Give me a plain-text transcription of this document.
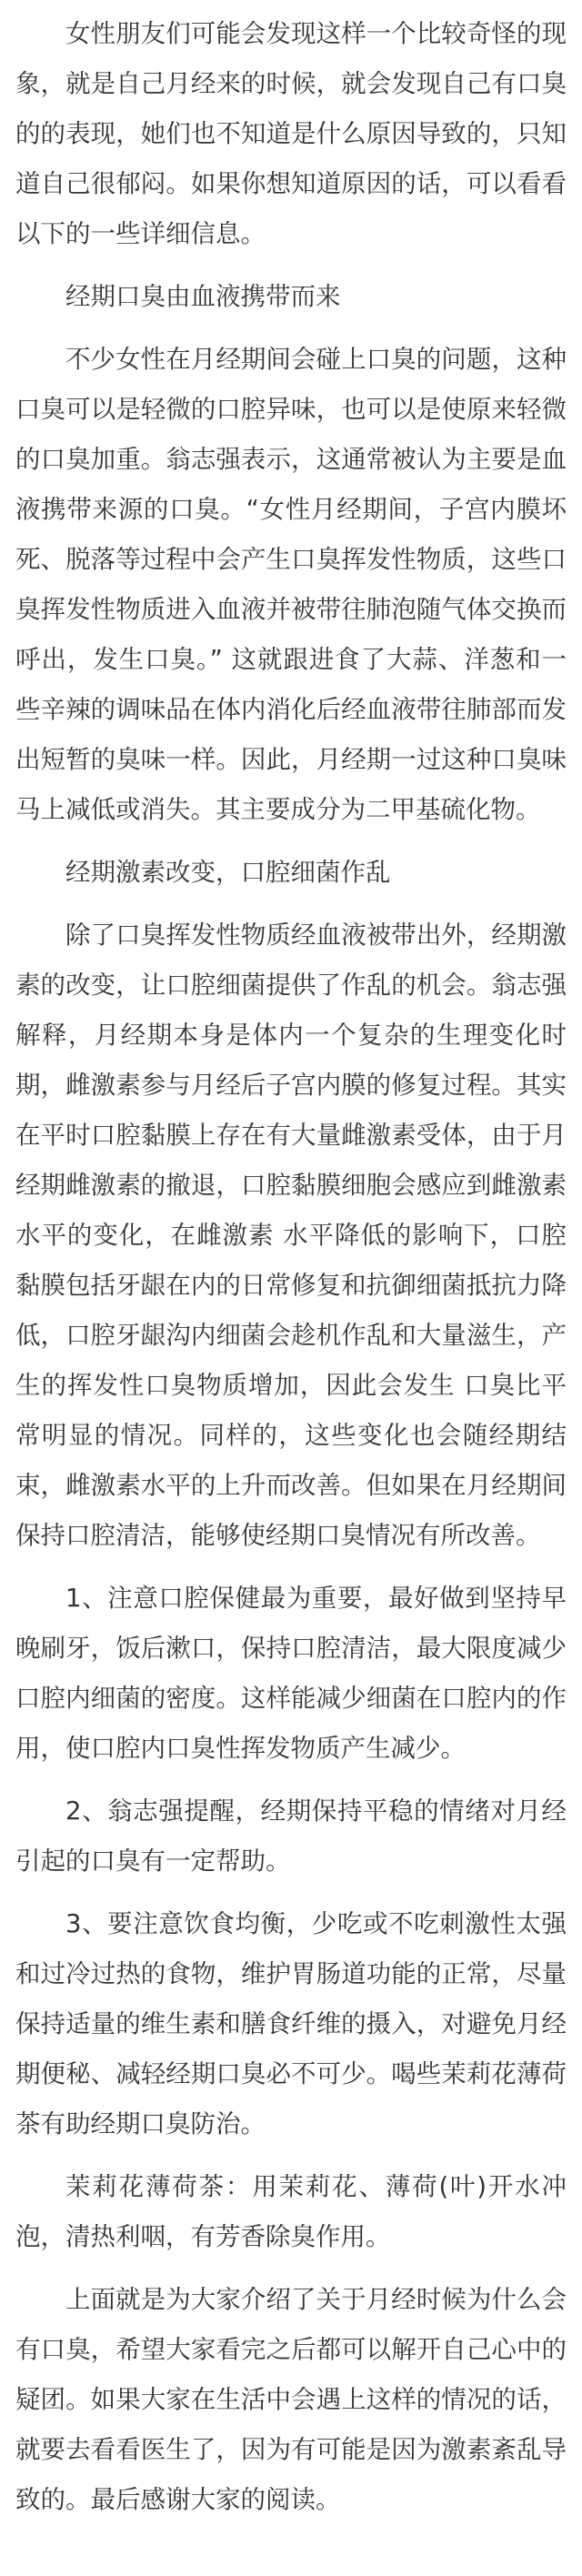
女性朋友们可能会发现这样一个比较奇怪的现象，就是自己月经来的时候，就会发现自己有口臭的的表现，她们也不知道是什么原因导致的，只知道自己很郁闷。如果你想知道原因的话，可以看看以下的一些详细信息。

经期口臭由血液携带而来

不少女性在月经期间会碰上口臭的问题，这种口臭可以是轻微的口腔异味，也可以是使原来轻微的口臭加重。翁志强表示，这通常被认为主要是血液携带来源的口臭。“女性月经期间，子宫内膜坏死、脱落等过程中会产生口臭挥发性物质，这些口臭挥发性物质进入血液并被带往肺泡随气体交换而呼出，发生口臭。” 这就跟进食了大蒜、洋葱和一些辛辣的调味品在体内消化后经血液带往肺部而发出短暂的臭味一样。因此，月经期一过这种口臭味马上减低或消失。其主要成分为二甲基硫化物。

经期激素改变，口腔细菌作乱

除了口臭挥发性物质经血液被带出外，经期激素的改变，让口腔细菌提供了作乱的机会。翁志强解释，月经期本身是体内一个复杂的生理变化时期，雌激素参与月经后子宫内膜的修复过程。其实在平时口腔黏膜上存在有大量雌激素受体，由于月经期雌激素的撤退，口腔黏膜细胞会感应到雌激素水平的变化，在雌激素 水平降低的影响下，口腔黏膜包括牙龈在内的日常修复和抗御细菌抵抗力降低，口腔牙龈沟内细菌会趁机作乱和大量滋生，产生的挥发性口臭物质增加，因此会发生 口臭比平常明显的情况。同样的，这些变化也会随经期结束，雌激素水平的上升而改善。但如果在月经期间保持口腔清洁，能够使经期口臭情况有所改善。

1、注意口腔保健最为重要，最好做到坚持早晚刷牙，饭后漱口，保持口腔清洁，最大限度减少口腔内细菌的密度。这样能减少细菌在口腔内的作用，使口腔内口臭性挥发物质产生减少。

2、翁志强提醒，经期保持平稳的情绪对月经引起的口臭有一定帮助。

3、要注意饮食均衡，少吃或不吃刺激性太强和过冷过热的食物，维护胃肠道功能的正常，尽量保持适量的维生素和膳食纤维的摄入，对避免月经期便秘、减轻经期口臭必不可少。喝些茉莉花薄荷茶有助经期口臭防治。

茉莉花薄荷茶：用茉莉花、薄荷(叶)开水冲泡，清热利咽，有芳香除臭作用。

上面就是为大家介绍了关于月经时候为什么会有口臭，希望大家看完之后都可以解开自己心中的疑团。如果大家在生活中会遇上这样的情况的话，就要去看看医生了，因为有可能是因为激素紊乱导致的。最后感谢大家的阅读。
